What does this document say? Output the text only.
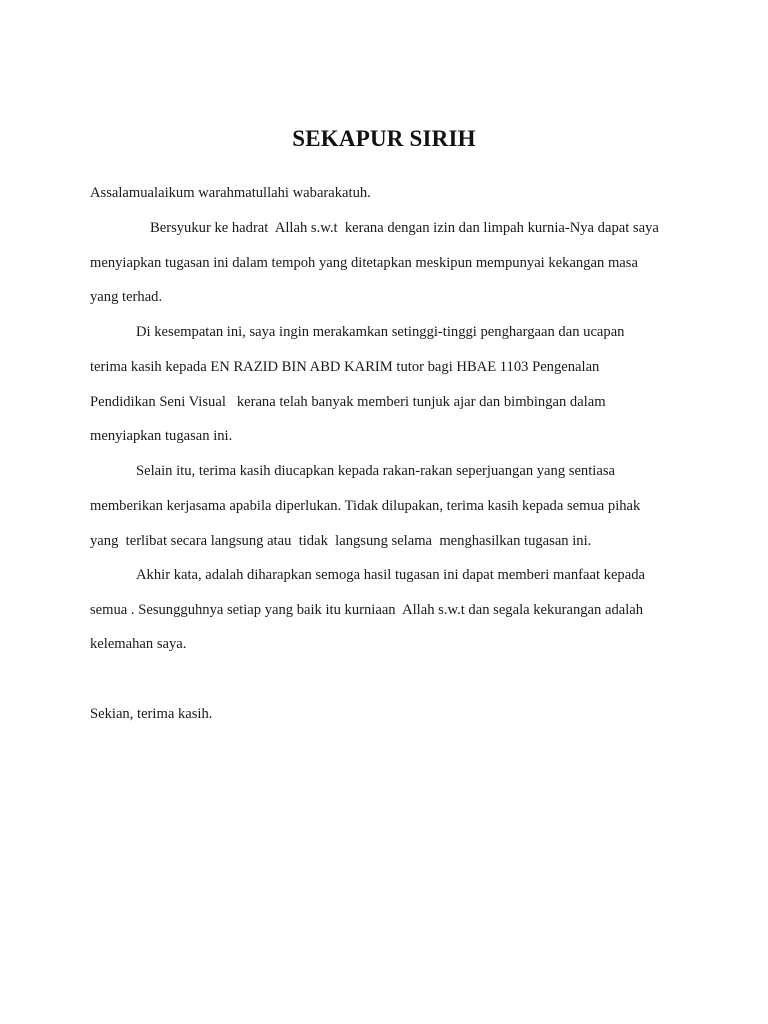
SEKAPUR SIRIH
Assalamualaikum warahmatullahi wabarakatuh.
Bersyukur ke hadrat  Allah s.w.t  kerana dengan izin dan limpah kurnia-Nya dapat saya
menyiapkan tugasan ini dalam tempoh yang ditetapkan meskipun mempunyai kekangan masa
yang terhad.
Di kesempatan ini, saya ingin merakamkan setinggi-tinggi penghargaan dan ucapan
terima kasih kepada EN RAZID BIN ABD KARIM tutor bagi HBAE 1103 Pengenalan
Pendidikan Seni Visual   kerana telah banyak memberi tunjuk ajar dan bimbingan dalam
menyiapkan tugasan ini.
Selain itu, terima kasih diucapkan kepada rakan-rakan seperjuangan yang sentiasa
memberikan kerjasama apabila diperlukan. Tidak dilupakan, terima kasih kepada semua pihak
yang  terlibat secara langsung atau  tidak  langsung selama  menghasilkan tugasan ini.
Akhir kata, adalah diharapkan semoga hasil tugasan ini dapat memberi manfaat kepada
semua . Sesungguhnya setiap yang baik itu kurniaan  Allah s.w.t dan segala kekurangan adalah
kelemahan saya.
Sekian, terima kasih.
